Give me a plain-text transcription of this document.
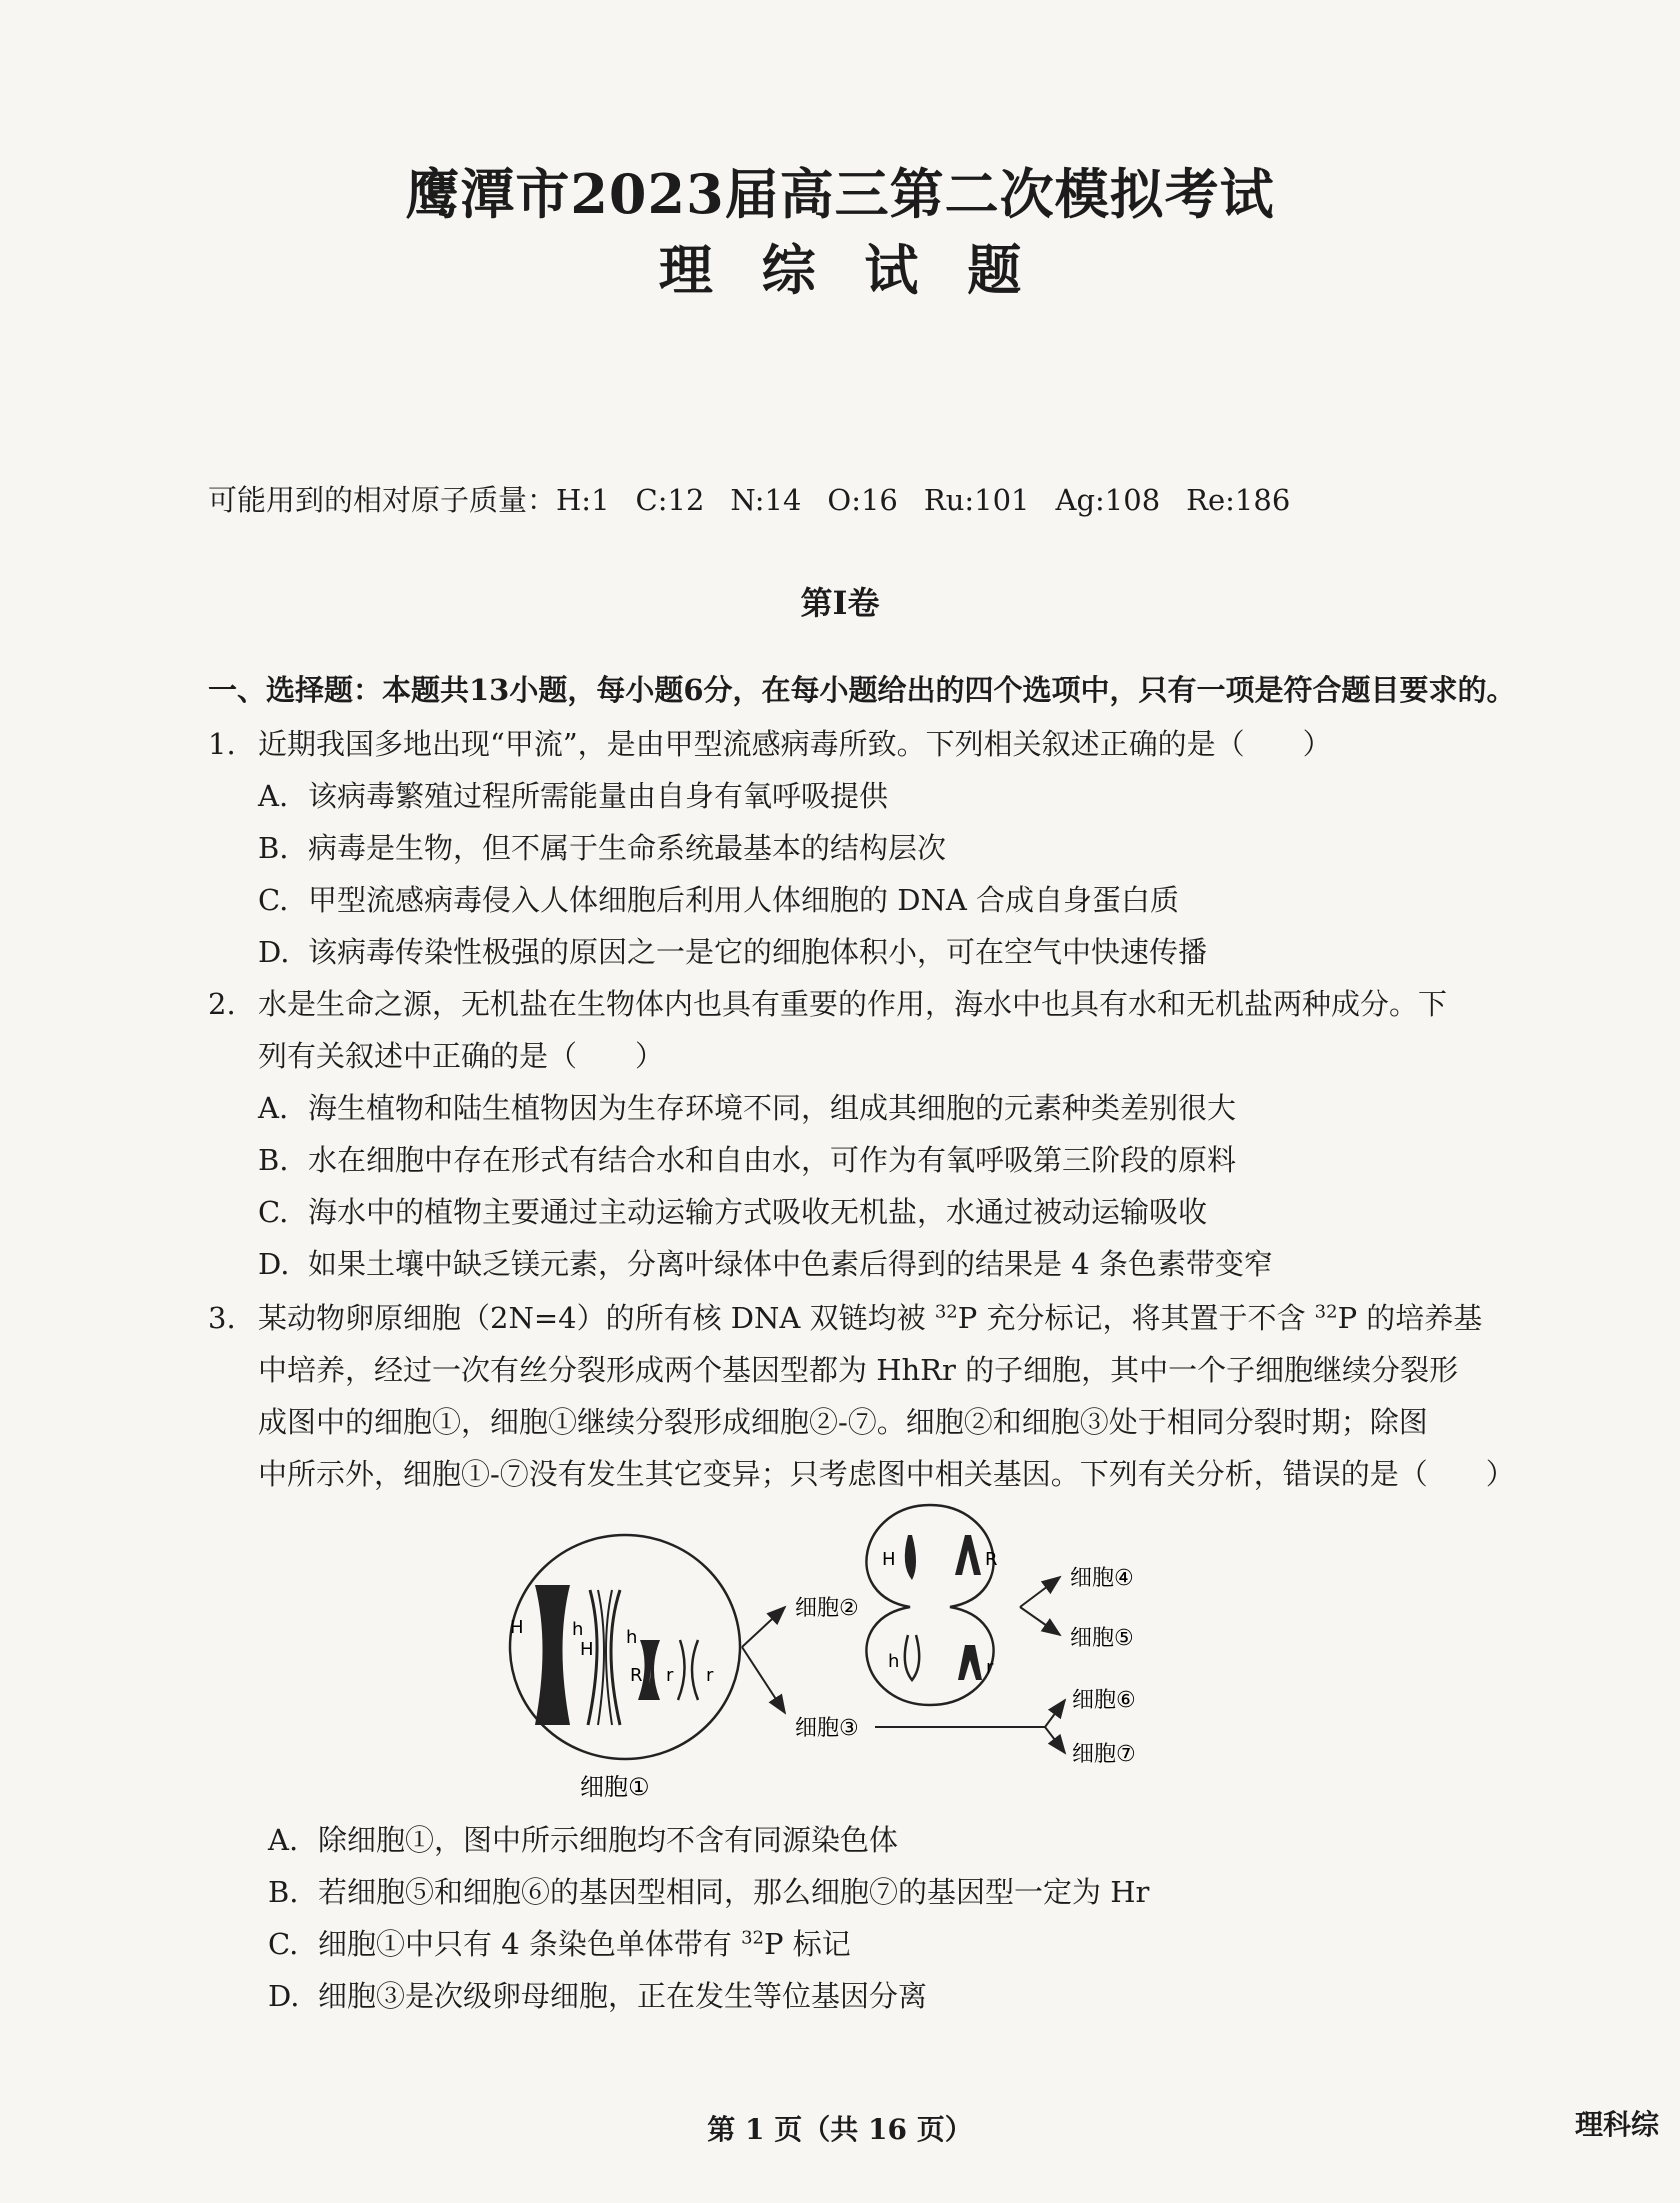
鹰潭市2023届高三第二次模拟考试
理 综 试 题
可能用到的相对原子质量：H:1 C:12 N:14 O:16 Ru:101 Ag:108 Re:186
第Ⅰ卷
一、选择题：本题共13小题，每小题6分，在每小题给出的四个选项中，只有一项是符合题目要求的。
1. 近期我国多地出现“甲流”，是由甲型流感病毒所致。下列相关叙述正确的是（　　）
A. 该病毒繁殖过程所需能量由自身有氧呼吸提供
B. 病毒是生物，但不属于生命系统最基本的结构层次
C. 甲型流感病毒侵入人体细胞后利用人体细胞的 DNA 合成自身蛋白质
D. 该病毒传染性极强的原因之一是它的细胞体积小，可在空气中快速传播
2. 水是生命之源，无机盐在生物体内也具有重要的作用，海水中也具有水和无机盐两种成分。下
列有关叙述中正确的是（　　）
A. 海生植物和陆生植物因为生存环境不同，组成其细胞的元素种类差别很大
B. 水在细胞中存在形式有结合水和自由水，可作为有氧呼吸第三阶段的原料
C. 海水中的植物主要通过主动运输方式吸收无机盐，水通过被动运输吸收
D. 如果土壤中缺乏镁元素，分离叶绿体中色素后得到的结果是 4 条色素带变窄
3. 某动物卵原细胞（2N=4）的所有核 DNA 双链均被 $^{32}$P 充分标记，将其置于不含 $^{32}$P 的培养基
中培养，经过一次有丝分裂形成两个基因型都为 HhRr 的子细胞，其中一个子细胞继续分裂形
成图中的细胞①，细胞①继续分裂形成细胞②-⑦。细胞②和细胞③处于相同分裂时期；除图
中所示外，细胞①-⑦没有发生其它变异；只考虑图中相关基因。下列有关分析，错误的是（　　）
H	h
H
h
R r r
细胞①
细胞②
细胞③
H	R
h	r
细胞④
细胞⑤
细胞⑥
细胞⑦
A. 除细胞①，图中所示细胞均不含有同源染色体
B. 若细胞⑤和细胞⑥的基因型相同，那么细胞⑦的基因型一定为 Hr
C. 细胞①中只有 4 条染色单体带有 $^{32}$P 标记
D. 细胞③是次级卵母细胞，正在发生等位基因分离
第 1 页（共 16 页）	理科综
